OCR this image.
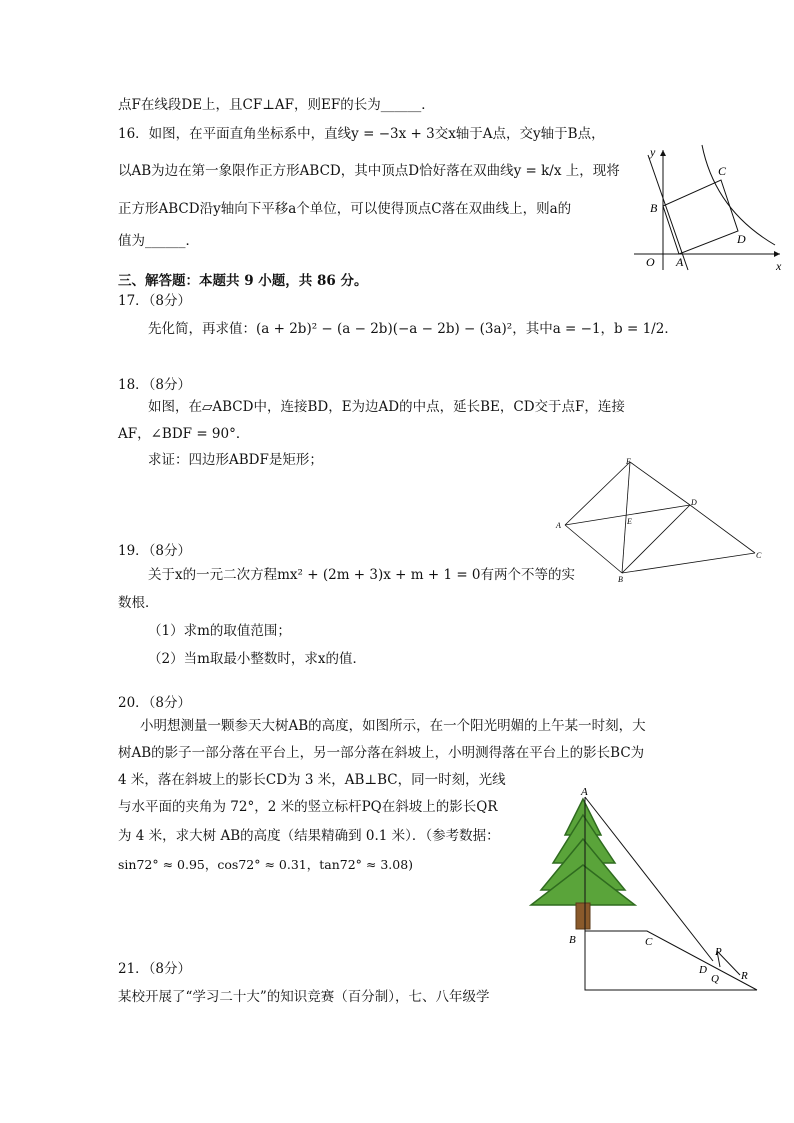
点F在线段DE上，且CF⊥AF，则EF的长为______．
16．如图，在平面直角坐标系中，直线y = −3x + 3交x轴于A点，交y轴于B点，
以AB为边在第一象限作正方形ABCD，其中顶点D恰好落在双曲线y = k/x 上，现将
正方形ABCD沿y轴向下平移a个单位，可以使得顶点C落在双曲线上，则a的
值为______．
三、解答题：本题共 9 小题，共 86 分。
17．（8分）
先化简，再求值：(a + 2b)² − (a − 2b)(−a − 2b) − (3a)²，其中a = −1，b = 1/2．
18．（8分）
如图，在▱ABCD中，连接BD，E为边AD的中点，延长BE，CD交于点F，连接
AF，∠BDF = 90°．
求证：四边形ABDF是矩形；
19．（8分）
关于x的一元二次方程mx² + (2m + 3)x + m + 1 = 0有两个不等的实
数根．
（1）求m的取值范围；
（2）当m取最小整数时，求x的值．
20．（8分）
小明想测量一颗参天大树AB的高度，如图所示，在一个阳光明媚的上午某一时刻，大
树AB的影子一部分落在平台上，另一部分落在斜坡上，小明测得落在平台上的影长BC为
4 米，落在斜坡上的影长CD为 3 米，AB⊥BC，同一时刻，光线
与水平面的夹角为 72°，2 米的竖立标杆PQ在斜坡上的影长QR
为 4 米，求大树 AB的高度（结果精确到 0.1 米）．（参考数据：
sin72° ≈ 0.95，cos72° ≈ 0.31，tan72° ≈ 3.08)
21．（8分）
某校开展了“学习二十大”的知识竞赛（百分制），七、八年级学
y
x
O A
B
C
D
A
B
C
D
E
F
A
B	C
D
P
Q R
